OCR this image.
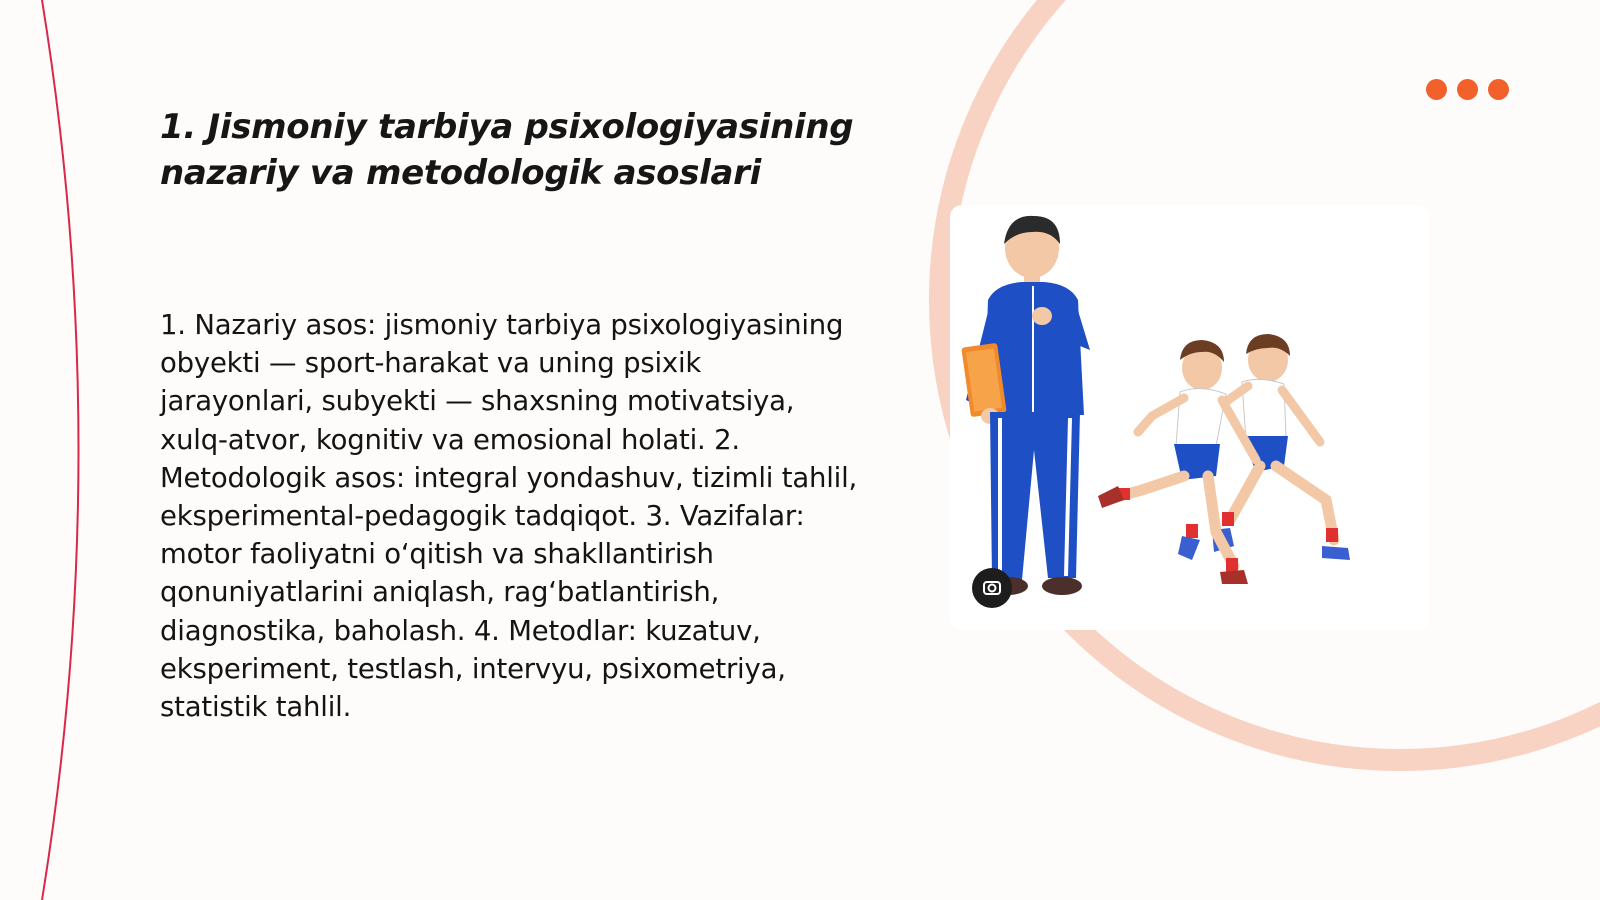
1. Jismoniy tarbiya psixologiyasining nazariy va metodologik asoslari

1. Nazariy asos: jismoniy tarbiya psixologiyasining obyekti — sport-harakat va uning psixik jarayonlari, subyekti — shaxsning motivatsiya, xulq-atvor, kognitiv va emosional holati. 2. Metodologik asos: integral yondashuv, tizimli tahlil, eksperimental-pedagogik tadqiqot. 3. Vazifalar: motor faoliyatni o‘qitish va shakllantirish qonuniyatlarini aniqlash, rag‘batlantirish, diagnostika, baholash. 4. Metodlar: kuzatuv, eksperiment, testlash, intervyu, psixometriya, statistik tahlil.
